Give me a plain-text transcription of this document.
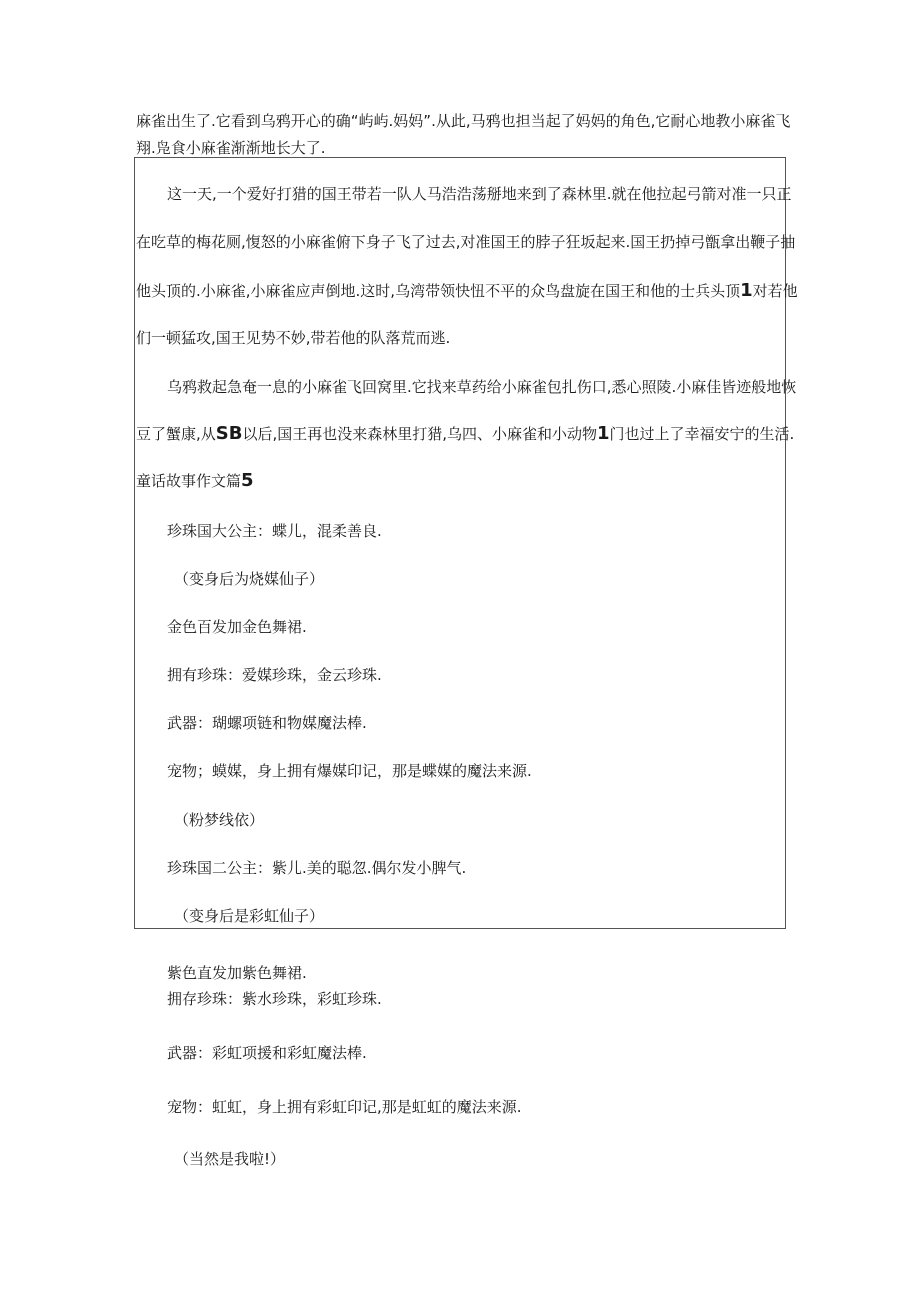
麻雀出生了.它看到乌鸦开心的确“屿屿.妈妈”.从此,马鸦也担当起了妈妈的角色,它耐心地教小麻雀飞
翔.凫食小麻雀渐渐地长大了.
这一天,一个爱好打猎的国王带若一队人马浩浩荡掰地来到了森林里.就在他拉起弓箭对准一只正
在吃草的梅花厕,愎怒的小麻雀俯下身子飞了过去,对准国王的脖子狂坂起来.国王扔掉弓甑拿出鞭子抽
他头顶的.小麻雀,小麻雀应声倒地.这时,乌湾带领快忸不平的众鸟盘旋在国王和他的士兵头顶1对若他
们一顿猛攻,国王见势不妙,带若他的队落荒而逃.
乌鸦救起急奄一息的小麻雀飞回窝里.它找来草药给小麻雀包扎伤口,悉心照陵.小麻佳皆迹般地恢
豆了蟹康,从SB以后,国王再也没来森林里打猎,乌四、小麻雀和小动物1门也过上了幸福安宁的生活.
童话故事作文篇5
珍珠国大公主：蝶儿，混柔善良.
（变身后为烧媒仙子）
金色百发加金色舞裙.
拥有珍珠：爱媒珍珠，金云珍珠.
武器：瑚螺项链和物媒魔法棒.
宠物；蟆媒，身上拥有爆媒印记，那是蝶媒的魔法来源.
（粉梦线依）
珍珠国二公主：紫儿.美的聪忽.偶尔发小脾气.
（变身后是彩虹仙子）
紫色直发加紫色舞裙.
拥存珍珠：紫水珍珠，彩虹珍珠.
武器：彩虹项援和彩虹魔法棒.
宠物：虹虹，身上拥有彩虹印记,那是虹虹的魔法来源.
（当然是我啦!）
